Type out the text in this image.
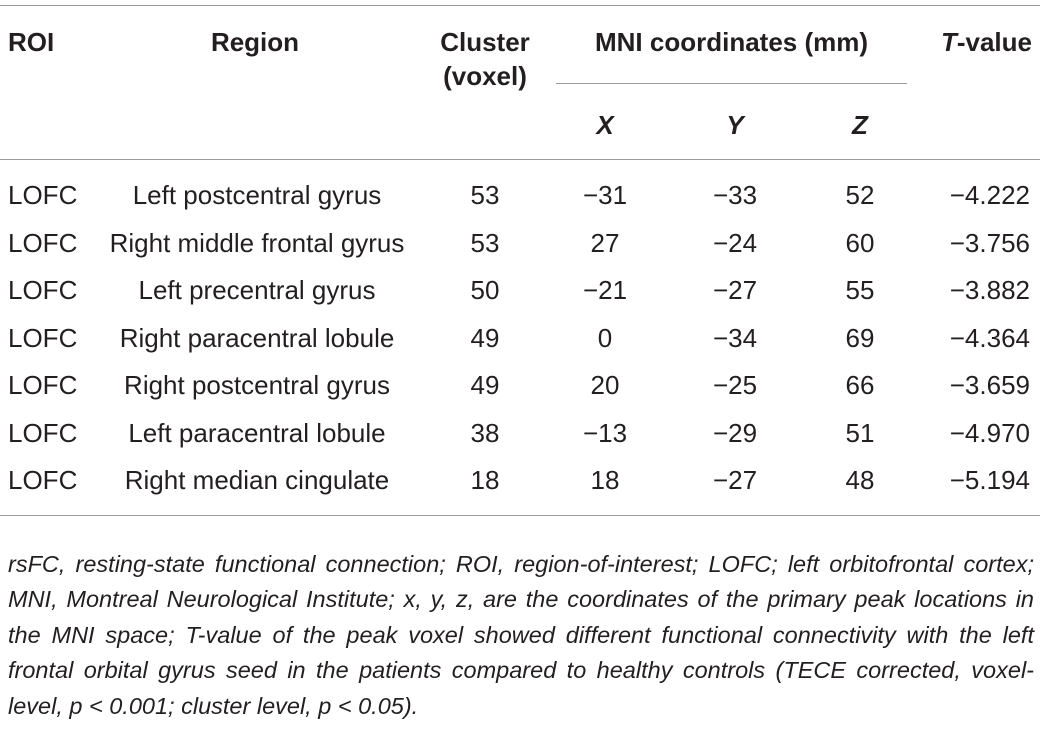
ROI	Region	Cluster
(voxel)
MNI coordinates (mm)	T-value
X	Y	Z
LOFC	Left postcentral gyrus	53	−31	−33	52	−4.222
LOFC	Right middle frontal gyrus	53	27	−24	60	−3.756
LOFC	Left precentral gyrus	50	−21	−27	55	−3.882
LOFC	Right paracentral lobule	49	0	−34	69	−4.364
LOFC	Right postcentral gyrus	49	20	−25	66	−3.659
LOFC	Left paracentral lobule	38	−13	−29	51	−4.970
LOFC	Right median cingulate	18	18	−27	48	−5.194

rsFC, resting-state functional connection; ROI, region-of-interest; LOFC; left orbitofrontal cortex; MNI, Montreal Neurological Institute; x, y, z, are the coordinates of the primary peak locations in the MNI space; T-value of the peak voxel showed different functional connectivity with the left frontal orbital gyrus seed in the patients compared to healthy controls (TECE corrected, voxel-level, p < 0.001; cluster level, p < 0.05).
